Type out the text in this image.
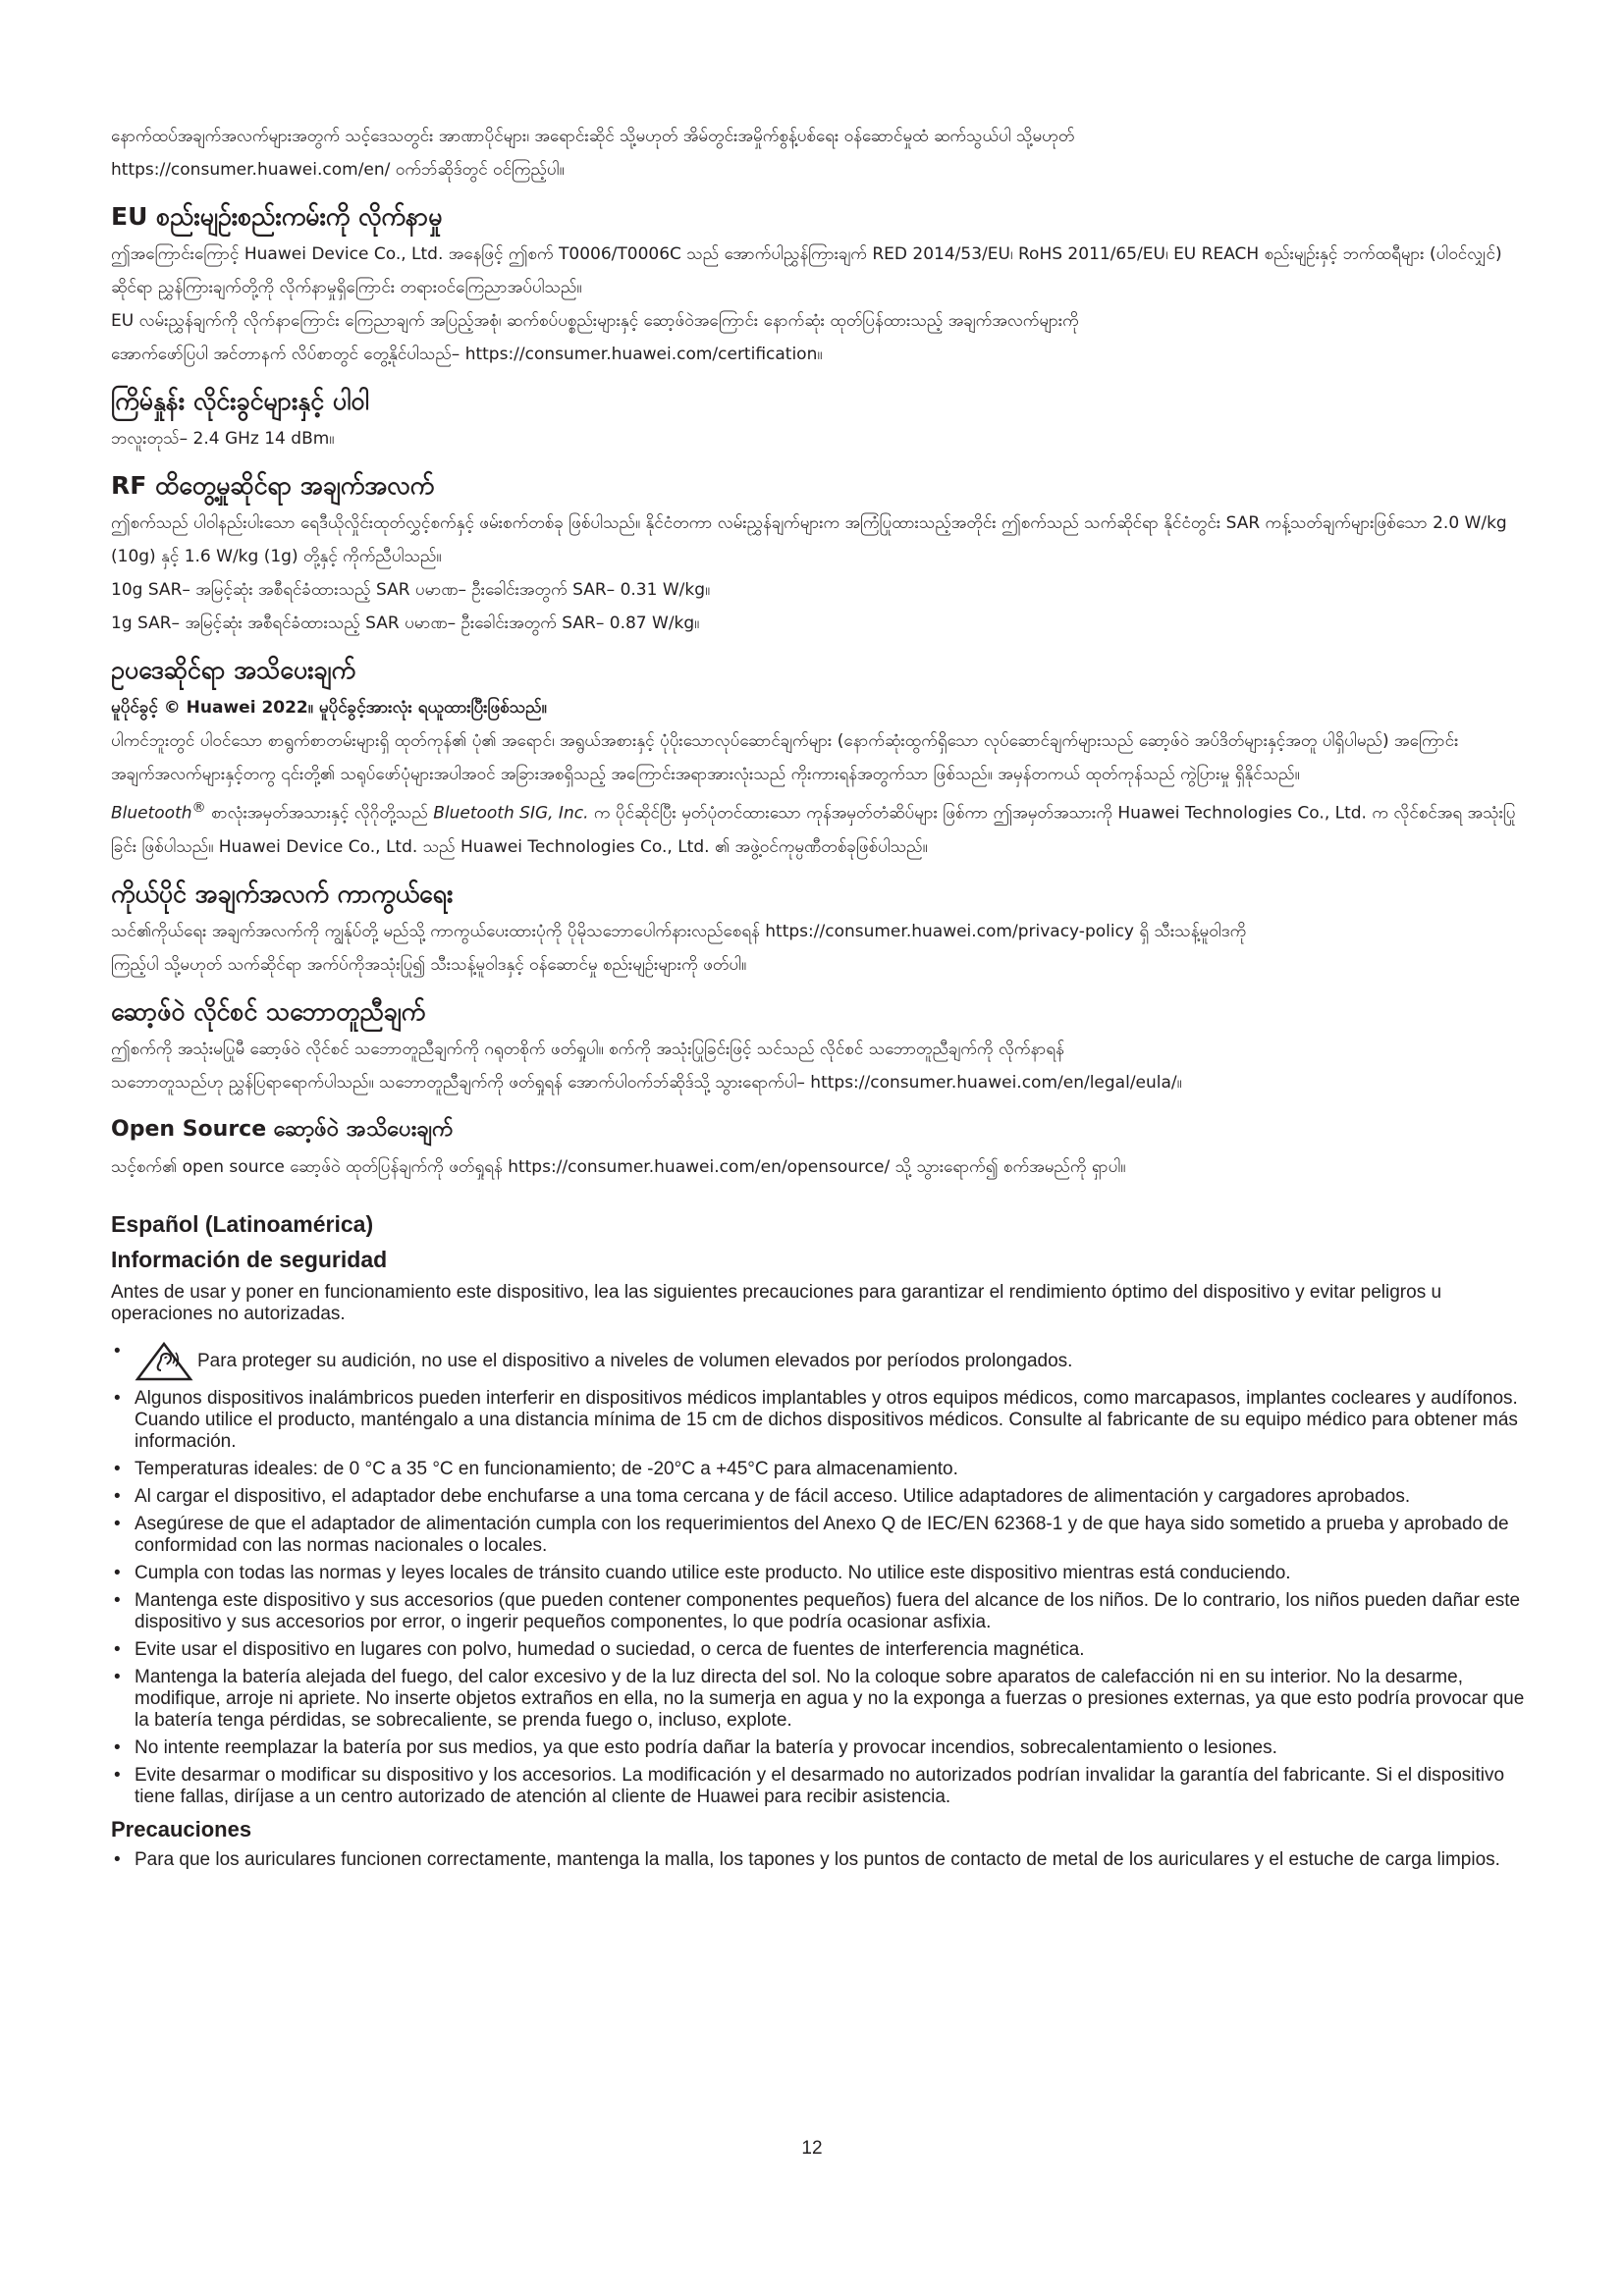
နောက်ထပ်အချက်အလက်များအတွက် သင့်ဒေသတွင်း အာဏာပိုင်များ၊ အရောင်းဆိုင် သို့မဟုတ် အိမ်တွင်းအမှိုက်စွန့်ပစ်ရေး ဝန်ဆောင်မှုထံ ဆက်သွယ်ပါ သို့မဟုတ်

https://consumer.huawei.com/en/ ဝက်ဘ်ဆိုဒ်တွင် ဝင်ကြည့်ပါ။

EU စည်းမျဉ်းစည်းကမ်းကို လိုက်နာမှု

ဤအကြောင်းကြောင့် Huawei Device Co., Ltd. အနေဖြင့် ဤစက် T0006/T0006C သည် အောက်ပါညွှန်ကြားချက် RED 2014/53/EU၊ RoHS 2011/65/EU၊ EU REACH စည်းမျဉ်းနှင့် ဘက်ထရီများ (ပါဝင်လျှင်) ဆိုင်ရာ ညွှန်ကြားချက်တို့ကို လိုက်နာမှုရှိကြောင်း တရားဝင်ကြေညာအပ်ပါသည်။

EU လမ်းညွှန်ချက်ကို လိုက်နာကြောင်း ကြေညာချက် အပြည့်အစုံ၊ ဆက်စပ်ပစ္စည်းများနှင့် ဆော့ဖ်ဝဲအကြောင်း နောက်ဆုံး ထုတ်ပြန်ထားသည့် အချက်အလက်များကို

အောက်ဖော်ပြပါ အင်တာနက် လိပ်စာတွင် တွေ့နိုင်ပါသည်– https://consumer.huawei.com/certification။

ကြိမ်နှုန်း လိုင်းခွင်များနှင့် ပါဝါ

ဘလူးတုသ်– 2.4 GHz 14 dBm။

RF ထိတွေ့မှုဆိုင်ရာ အချက်အလက်

ဤစက်သည် ပါဝါနည်းပါးသော ရေဒီယိုလှိုင်းထုတ်လွှင့်စက်နှင့် ဖမ်းစက်တစ်ခု ဖြစ်ပါသည်။ နိုင်ငံတကာ လမ်းညွှန်ချက်များက အကြံပြုထားသည့်အတိုင်း ဤစက်သည် သက်ဆိုင်ရာ နိုင်ငံတွင်း SAR ကန့်သတ်ချက်များဖြစ်သော 2.0 W/kg (10g) နှင့် 1.6 W/kg (1g) တို့နှင့် ကိုက်ညီပါသည်။

10g SAR– အမြင့်ဆုံး အစီရင်ခံထားသည့် SAR ပမာဏ– ဦးခေါင်းအတွက် SAR– 0.31 W/kg။

1g SAR– အမြင့်ဆုံး အစီရင်ခံထားသည့် SAR ပမာဏ– ဦးခေါင်းအတွက် SAR– 0.87 W/kg။

ဥပဒေဆိုင်ရာ အသိပေးချက်

မူပိုင်ခွင့် © Huawei 2022။ မူပိုင်ခွင့်အားလုံး ရယူထားပြီးဖြစ်သည်။

ပါကင်ဘူးတွင် ပါဝင်သော စာရွက်စာတမ်းများရှိ ထုတ်ကုန်၏ ပုံ၏ အရောင်၊ အရွယ်အစားနှင့် ပုံပိုးသောလုပ်ဆောင်ချက်များ (နောက်ဆုံးထွက်ရှိသော လုပ်ဆောင်ချက်များသည် ဆော့ဖ်ဝဲ အပ်ဒိတ်များနှင့်အတူ ပါရှိပါမည်) အကြောင်း အချက်အလက်များနှင့်တကွ ၎င်းတို့၏ သရုပ်ဖော်ပုံများအပါအဝင် အခြားအစရှိသည့် အကြောင်းအရာအားလုံးသည် ကိုးကားရန်အတွက်သာ ဖြစ်သည်။ အမှန်တကယ် ထုတ်ကုန်သည် ကွဲပြားမှု ရှိနိုင်သည်။

Bluetooth® စာလုံးအမှတ်အသားနှင့် လိုဂိုတို့သည် Bluetooth SIG, Inc. က ပိုင်ဆိုင်ပြီး မှတ်ပုံတင်ထားသော ကုန်အမှတ်တံဆိပ်များ ဖြစ်ကာ ဤအမှတ်အသားကို Huawei Technologies Co., Ltd. က လိုင်စင်အရ အသုံးပြုခြင်း ဖြစ်ပါသည်။ Huawei Device Co., Ltd. သည် Huawei Technologies Co., Ltd. ၏ အဖွဲ့ဝင်ကုမ္ပဏီတစ်ခုဖြစ်ပါသည်။

ကိုယ်ပိုင် အချက်အလက် ကာကွယ်ရေး

သင်၏ကိုယ်ရေး အချက်အလက်ကို ကျွန်ုပ်တို့ မည်သို့ ကာကွယ်ပေးထားပုံကို ပိုမိုသဘောပေါက်နားလည်စေရန် https://consumer.huawei.com/privacy-policy ရှိ သီးသန့်မူဝါဒကို

ကြည့်ပါ သို့မဟုတ် သက်ဆိုင်ရာ အက်ပ်ကိုအသုံးပြု၍ သီးသန့်မူဝါဒနှင့် ဝန်ဆောင်မှု စည်းမျဉ်းများကို ဖတ်ပါ။

ဆော့ဖ်ဝဲ လိုင်စင် သဘောတူညီချက်

ဤစက်ကို အသုံးမပြုမီ ဆော့ဖ်ဝဲ လိုင်စင် သဘောတူညီချက်ကို ဂရုတစိုက် ဖတ်ရှုပါ။ စက်ကို အသုံးပြုခြင်းဖြင့် သင်သည် လိုင်စင် သဘောတူညီချက်ကို လိုက်နာရန်

သဘောတူသည်ဟု ညွှန်ပြရာရောက်ပါသည်။ သဘောတူညီချက်ကို ဖတ်ရှုရန် အောက်ပါဝက်ဘ်ဆိုဒ်သို့ သွားရောက်ပါ– https://consumer.huawei.com/en/legal/eula/။

Open Source ဆော့ဖ်ဝဲ အသိပေးချက်

သင့်စက်၏ open source ဆော့ဖ်ဝဲ ထုတ်ပြန်ချက်ကို ဖတ်ရှုရန် https://consumer.huawei.com/en/opensource/ သို့ သွားရောက်၍ စက်အမည်ကို ရှာပါ။

Español (Latinoamérica)
Información de seguridad

Antes de usar y poner en funcionamiento este dispositivo, lea las siguientes precauciones para garantizar el rendimiento óptimo del dispositivo y evitar peligros u operaciones no autorizadas.

• Para proteger su audición, no use el dispositivo a niveles de volumen elevados por períodos prolongados.
• Algunos dispositivos inalámbricos pueden interferir en dispositivos médicos implantables y otros equipos médicos, como marcapasos, implantes cocleares y audífonos. Cuando utilice el producto, manténgalo a una distancia mínima de 15 cm de dichos dispositivos médicos. Consulte al fabricante de su equipo médico para obtener más información.
• Temperaturas ideales: de 0 °C a 35 °C en funcionamiento; de -20°C a +45°C para almacenamiento.
• Al cargar el dispositivo, el adaptador debe enchufarse a una toma cercana y de fácil acceso. Utilice adaptadores de alimentación y cargadores aprobados.
• Asegúrese de que el adaptador de alimentación cumpla con los requerimientos del Anexo Q de IEC/EN 62368-1 y de que haya sido sometido a prueba y aprobado de conformidad con las normas nacionales o locales.
• Cumpla con todas las normas y leyes locales de tránsito cuando utilice este producto. No utilice este dispositivo mientras está conduciendo.
• Mantenga este dispositivo y sus accesorios (que pueden contener componentes pequeños) fuera del alcance de los niños. De lo contrario, los niños pueden dañar este dispositivo y sus accesorios por error, o ingerir pequeños componentes, lo que podría ocasionar asfixia.
• Evite usar el dispositivo en lugares con polvo, humedad o suciedad, o cerca de fuentes de interferencia magnética.
• Mantenga la batería alejada del fuego, del calor excesivo y de la luz directa del sol. No la coloque sobre aparatos de calefacción ni en su interior. No la desarme, modifique, arroje ni apriete. No inserte objetos extraños en ella, no la sumerja en agua y no la exponga a fuerzas o presiones externas, ya que esto podría provocar que la batería tenga pérdidas, se sobrecaliente, se prenda fuego o, incluso, explote.
• No intente reemplazar la batería por sus medios, ya que esto podría dañar la batería y provocar incendios, sobrecalentamiento o lesiones.
• Evite desarmar o modificar su dispositivo y los accesorios. La modificación y el desarmado no autorizados podrían invalidar la garantía del fabricante. Si el dispositivo tiene fallas, diríjase a un centro autorizado de atención al cliente de Huawei para recibir asistencia.
Precauciones
• Para que los auriculares funcionen correctamente, mantenga la malla, los tapones y los puntos de contacto de metal de los auriculares y el estuche de carga limpios.
12
